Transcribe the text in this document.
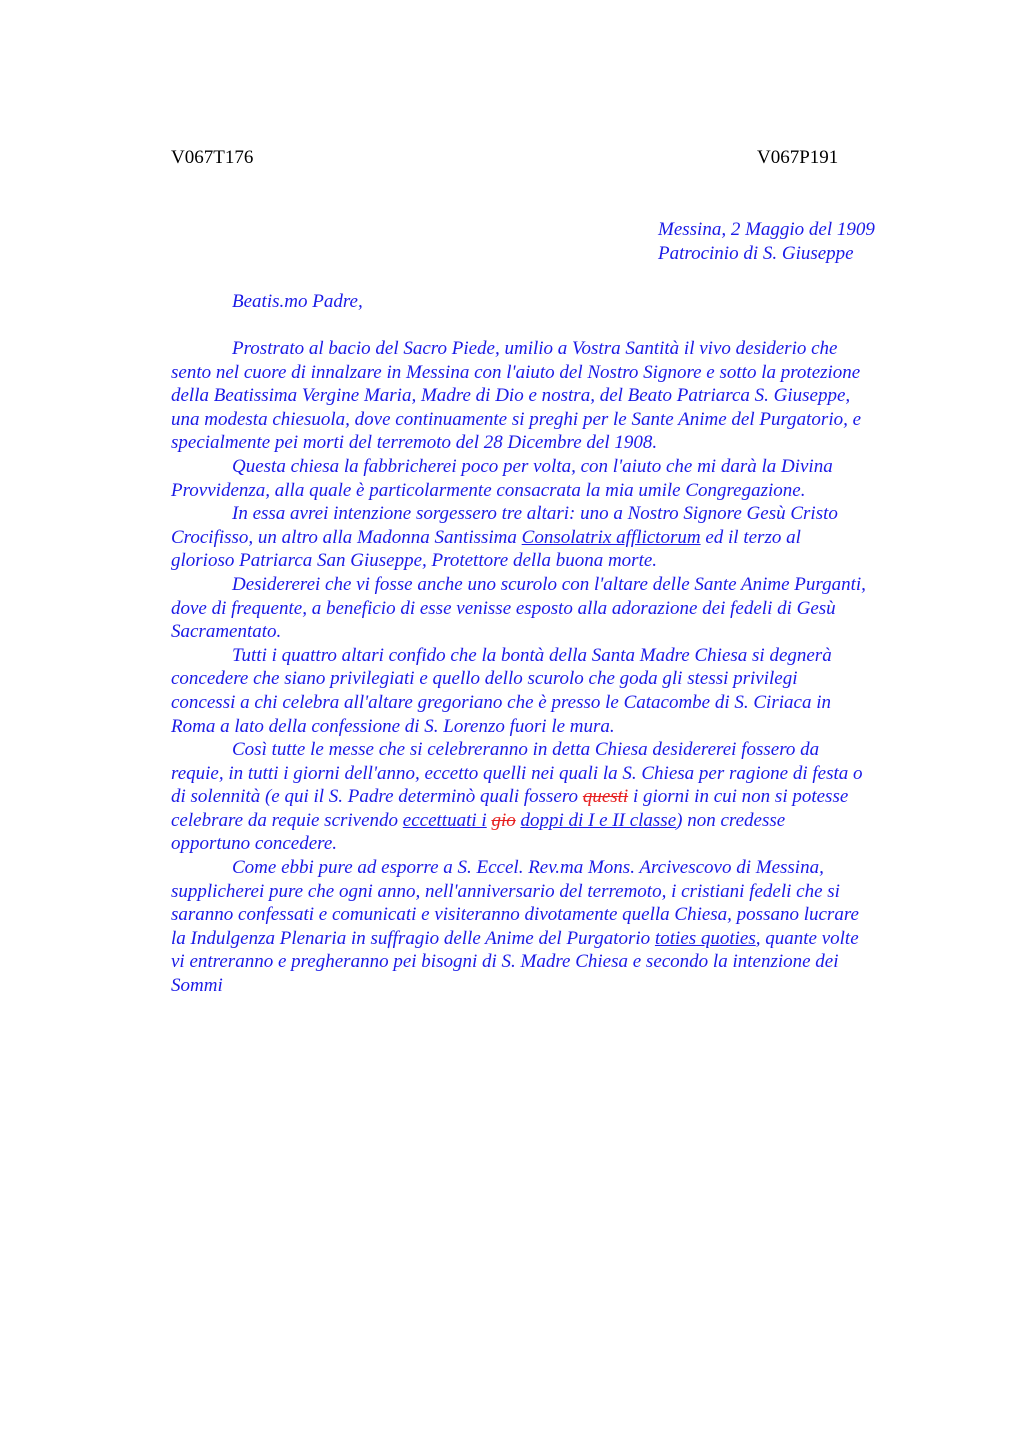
V067T176	V067P191
Messina, 2 Maggio del 1909
Patrocinio di S. Giuseppe
Beatis.mo Padre,

Prostrato al bacio del Sacro Piede, umilio a Vostra Santità il vivo desiderio che
sento nel cuore di innalzare in Messina con l'aiuto del Nostro Signore e sotto la protezione
della Beatissima Vergine Maria, Madre di Dio e nostra, del Beato Patriarca S. Giuseppe,
una modesta chiesuola, dove continuamente si preghi per le Sante Anime del Purgatorio, e
specialmente pei morti del terremoto del 28 Dicembre del 1908.

Questa chiesa la fabbricherei poco per volta, con l'aiuto che mi darà la Divina
Provvidenza, alla quale è particolarmente consacrata la mia umile Congregazione.

In essa avrei intenzione sorgessero tre altari: uno a Nostro Signore Gesù Cristo
Crocifisso, un altro alla Madonna Santissima Consolatrix afflictorum ed il terzo al
glorioso Patriarca San Giuseppe, Protettore della buona morte.

Desidererei che vi fosse anche uno scurolo con l'altare delle Sante Anime Purganti,
dove di frequente, a beneficio di esse venisse esposto alla adorazione dei fedeli di Gesù
Sacramentato.

Tutti i quattro altari confido che la bontà della Santa Madre Chiesa si degnerà
concedere che siano privilegiati e quello dello scurolo che goda gli stessi privilegi
concessi a chi celebra all'altare gregoriano che è presso le Catacombe di S. Ciriaca in
Roma a lato della confessione di S. Lorenzo fuori le mura.

Così tutte le messe che si celebreranno in detta Chiesa desidererei fossero da
requie, in tutti i giorni dell'anno, eccetto quelli nei quali la S. Chiesa per ragione di festa o
di solennità (e qui il S. Padre determinò quali fossero questi i giorni in cui non si potesse
celebrare da requie scrivendo eccettuati i gio doppi di I e II classe) non credesse
opportuno concedere.

Come ebbi pure ad esporre a S. Eccel. Rev.ma Mons. Arcivescovo di Messina,
supplicherei pure che ogni anno, nell'anniversario del terremoto, i cristiani fedeli che si
saranno confessati e comunicati e visiteranno divotamente quella Chiesa, possano lucrare
la Indulgenza Plenaria in suffragio delle Anime del Purgatorio toties quoties, quante volte
vi entreranno e pregheranno pei bisogni di S. Madre Chiesa e secondo la intenzione dei
Sommi
